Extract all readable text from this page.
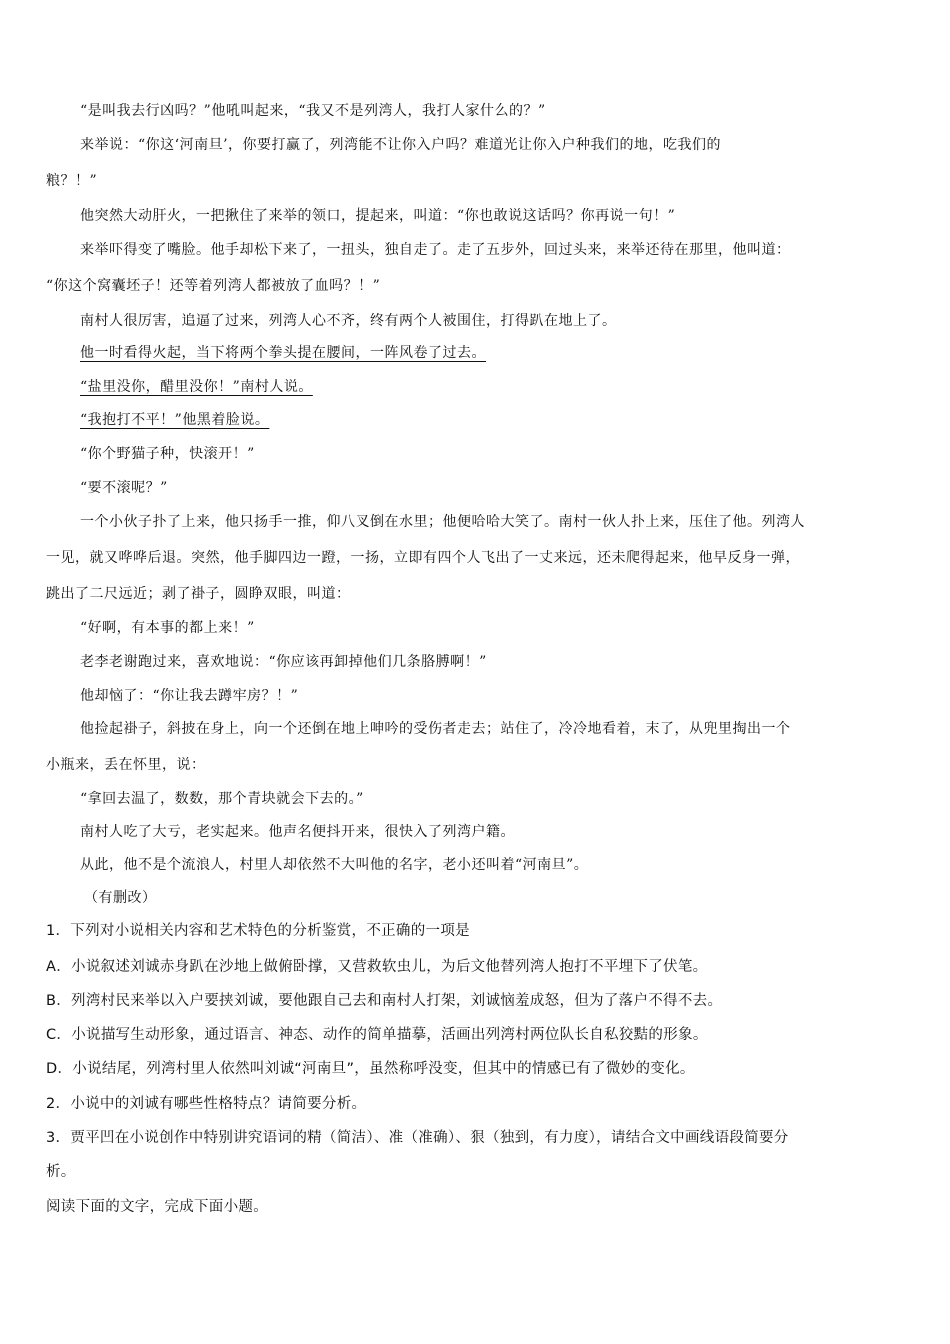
“是叫我去行凶吗？”他吼叫起来，“我又不是列湾人，我打人家什么的？”
来举说：“你这‘河南旦’，你要打赢了，列湾能不让你入户吗？难道光让你入户种我们的地，吃我们的
粮？！”
他突然大动肝火，一把揪住了来举的领口，提起来，叫道：“你也敢说这话吗？你再说一句！”
来举吓得变了嘴脸。他手却松下来了，一扭头，独自走了。走了五步外，回过头来，来举还待在那里，他叫道：
“你这个窝囊坯子！还等着列湾人都被放了血吗？！”
南村人很厉害，追逼了过来，列湾人心不齐，终有两个人被围住，打得趴在地上了。
他一时看得火起，当下将两个拳头提在腰间，一阵风卷了过去。
“盐里没你，醋里没你！”南村人说。
“我抱打不平！”他黑着脸说。
“你个野猫子种，快滚开！”
“要不滚呢？”
一个小伙子扑了上来，他只扬手一推，仰八叉倒在水里；他便哈哈大笑了。南村一伙人扑上来，压住了他。列湾人
一见，就又哗哗后退。突然，他手脚四边一蹬，一扬，立即有四个人飞出了一丈来远，还未爬得起来，他早反身一弹，
跳出了二尺远近；剥了褂子，圆睁双眼，叫道：
“好啊，有本事的都上来！”
老李老谢跑过来，喜欢地说：“你应该再卸掉他们几条胳膊啊！”
他却恼了：“你让我去蹲牢房？！”
他捡起褂子，斜披在身上，向一个还倒在地上呻吟的受伤者走去；站住了，冷冷地看着，末了，从兜里掏出一个
小瓶来，丢在怀里，说：
“拿回去温了，数数，那个青块就会下去的。”
南村人吃了大亏，老实起来。他声名便抖开来，很快入了列湾户籍。
从此，他不是个流浪人，村里人却依然不大叫他的名字，老小还叫着“河南旦”。
（有删改）
1．下列对小说相关内容和艺术特色的分析鉴赏，不正确的一项是
A．小说叙述刘诚赤身趴在沙地上做俯卧撑，又营救软虫儿，为后文他替列湾人抱打不平埋下了伏笔。
B．列湾村民来举以入户要挟刘诚，要他跟自己去和南村人打架，刘诚恼羞成怒，但为了落户不得不去。
C．小说描写生动形象，通过语言、神态、动作的简单描摹，活画出列湾村两位队长自私狡黠的形象。
D．小说结尾，列湾村里人依然叫刘诚“河南旦”，虽然称呼没变，但其中的情感已有了微妙的变化。
2．小说中的刘诚有哪些性格特点？请简要分析。
3．贾平凹在小说创作中特别讲究语词的精（简洁）、准（准确）、狠（独到，有力度），请结合文中画线语段简要分
析。
阅读下面的文字，完成下面小题。
